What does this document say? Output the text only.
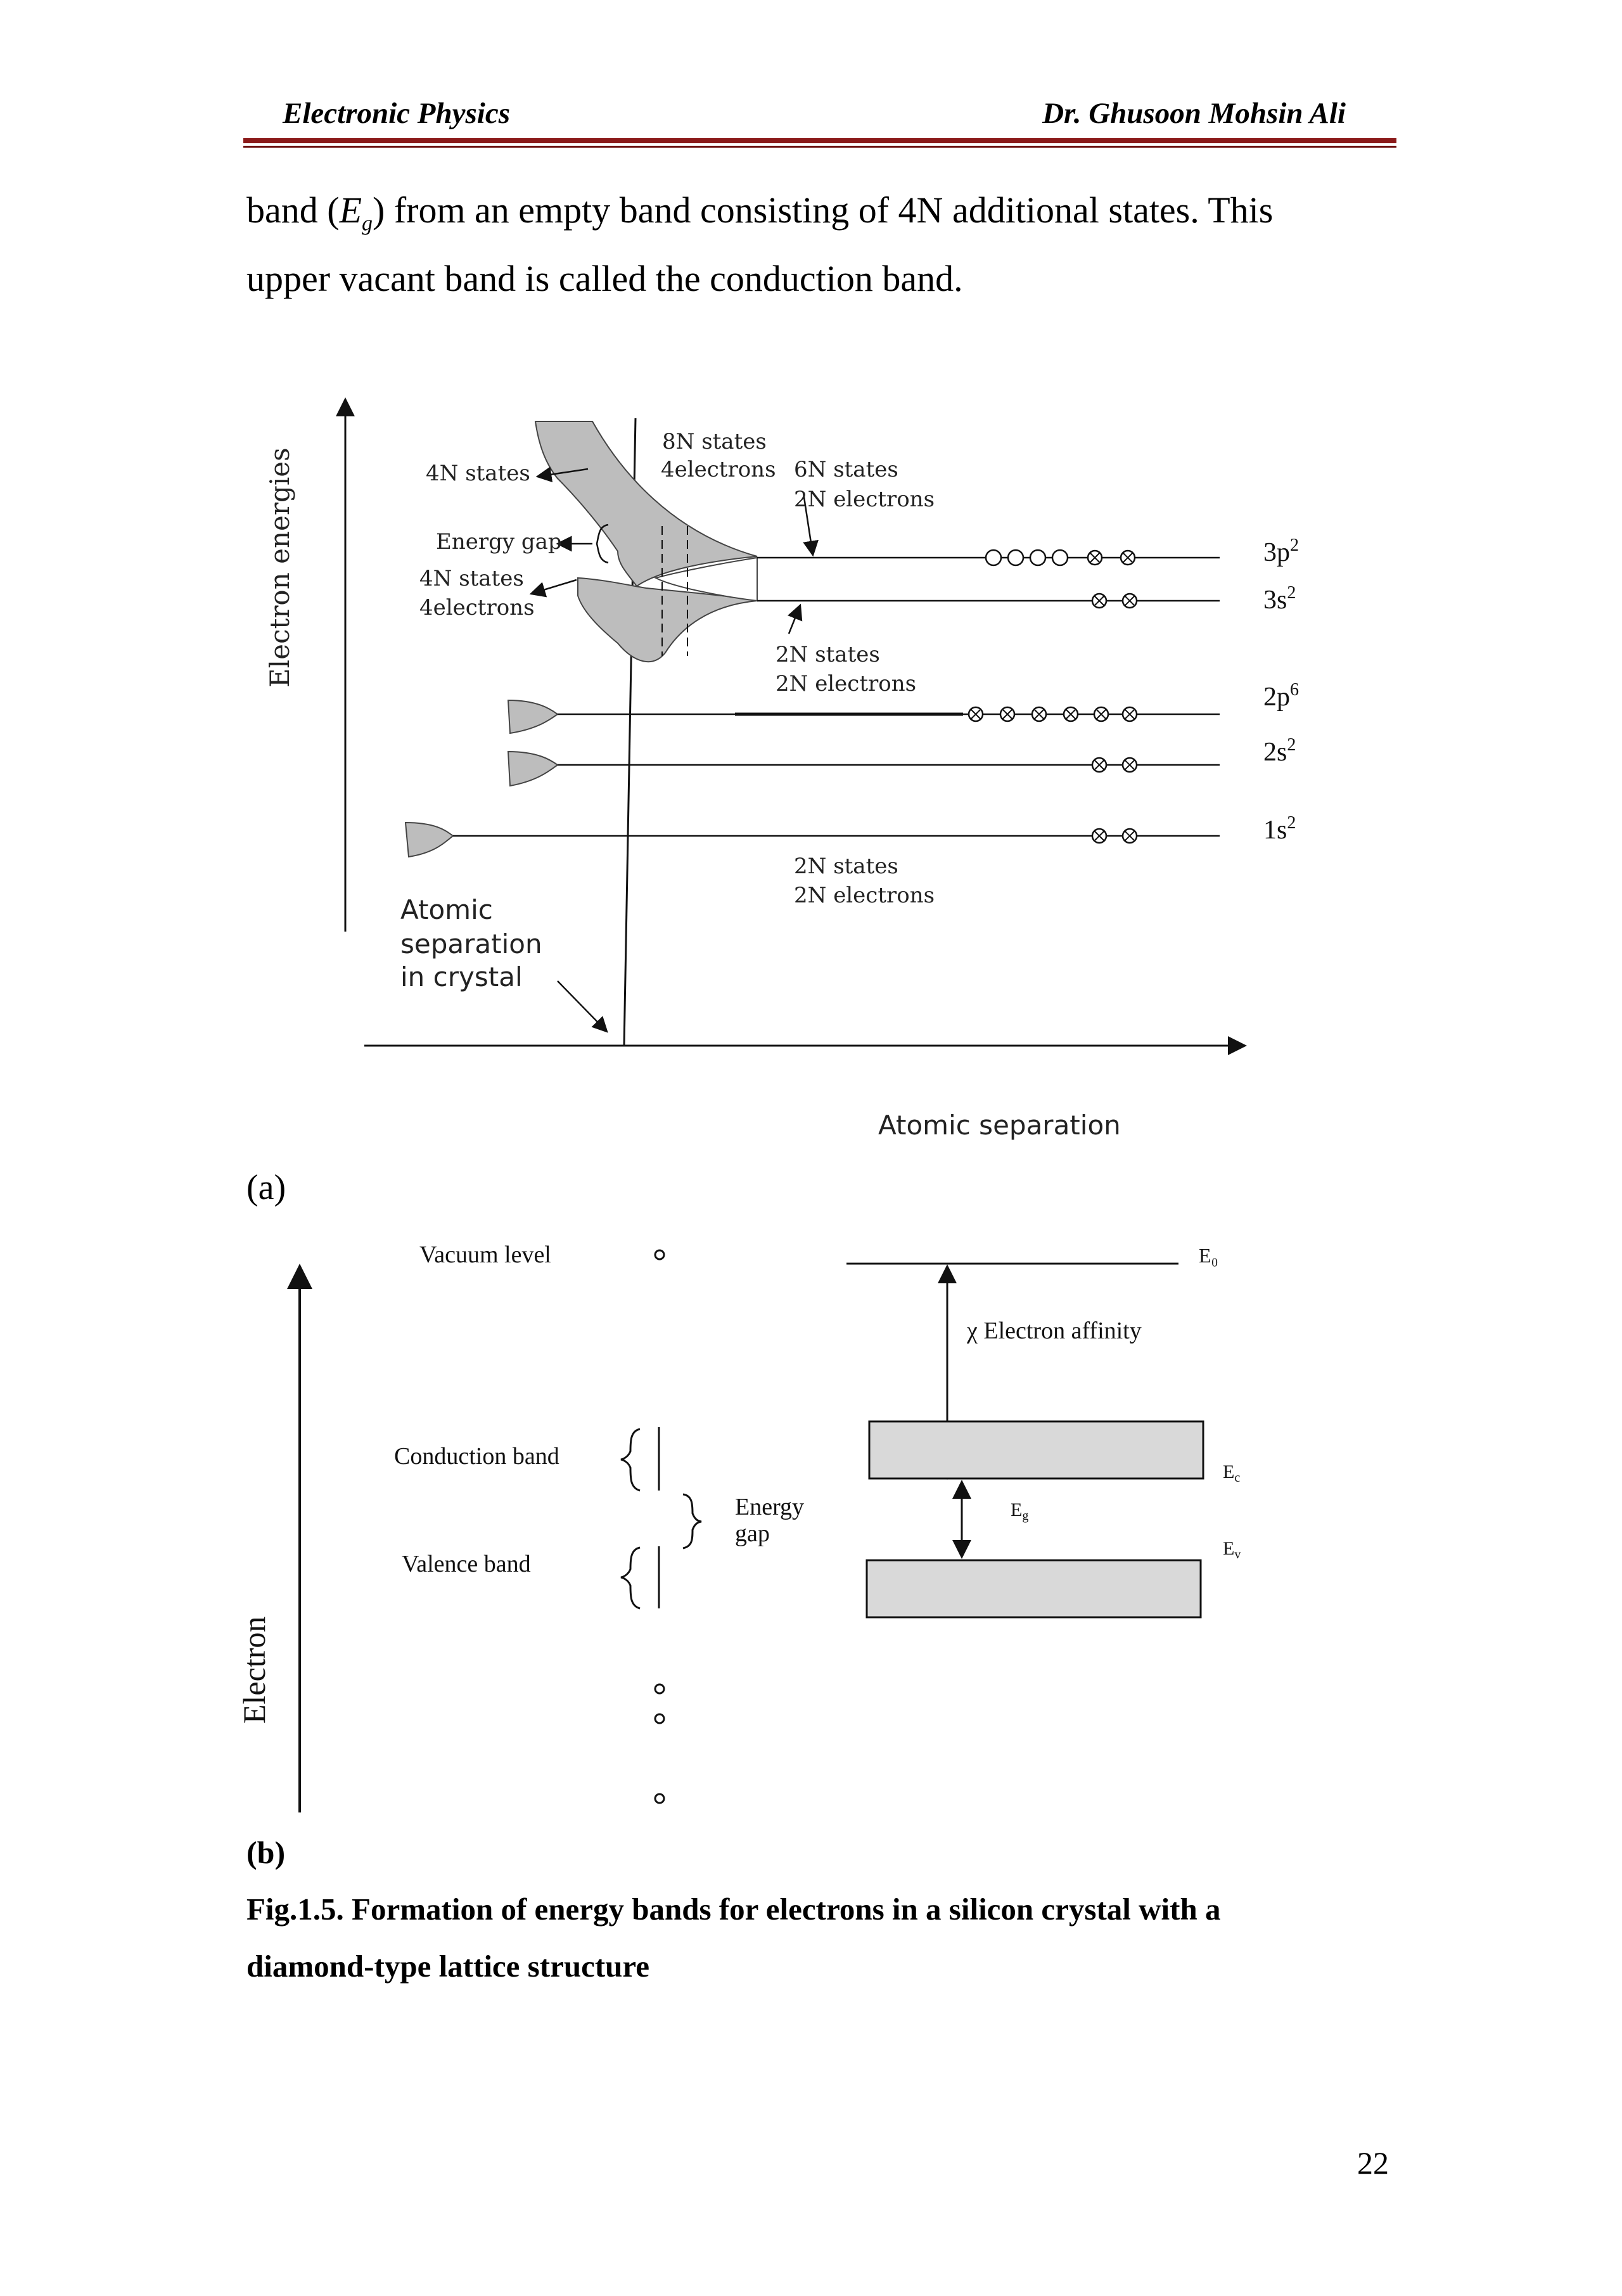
Electronic Physics	Dr. Ghusoon Mohsin Ali

band $(E_g)$ from an empty band consisting of 4N additional states. This

upper vacant band is called the conduction band.

4N states
Energy gap
4N states
4electrons
8N states
4electrons 6N states
2N electrons
2N states
2N electrons
2N states
2N electrons
$3p^2$
$3s^2$
$2p^6$
$2s^2$
$1s^2$
Atomic
separation
in crystal
Electron energies
Atomic separation
(a)
Electron
Vacuum level
Conduction band
Valence band
Energy
gap
E₀
χ Electron affinity
$E_c$
$E_g$
$E_v$
(b)

Fig.1.5. Formation of energy bands for electrons in a silicon crystal with a

diamond-type lattice structure

22
